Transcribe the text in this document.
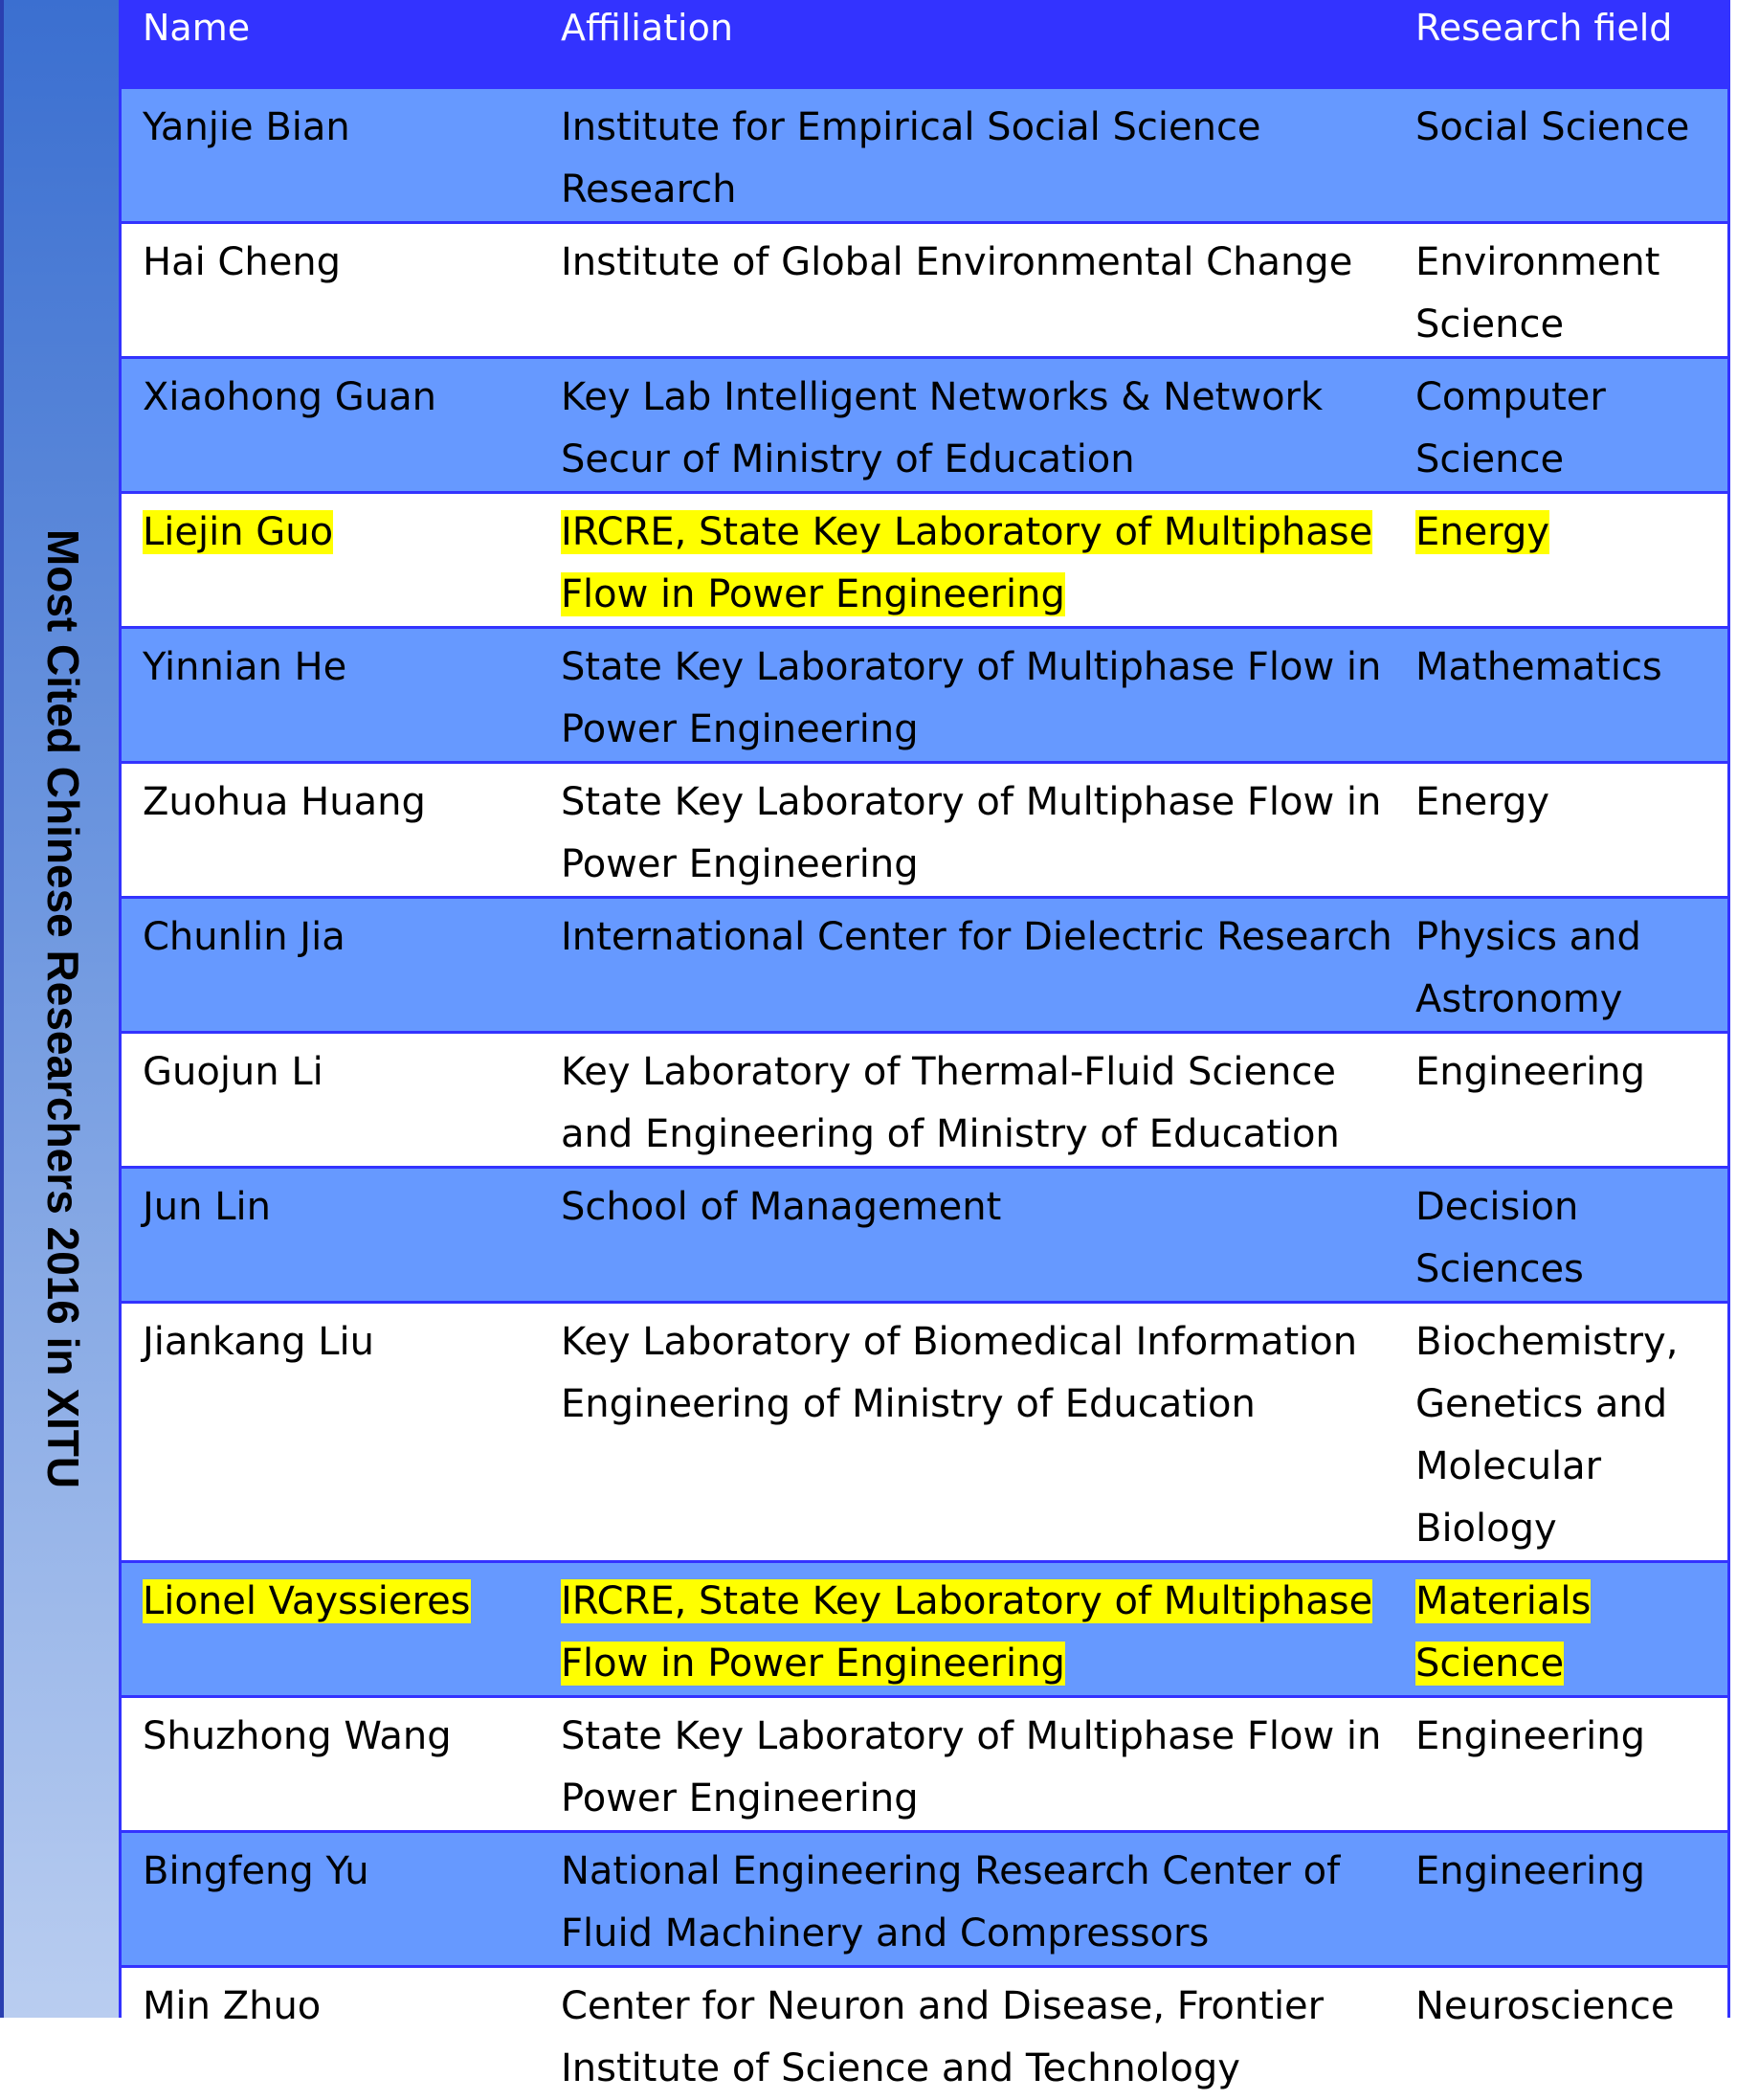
Most Cited Chinese Researchers 2016 in XITU
Name	Affiliation	Research field
Yanjie Bian	Institute for Empirical Social Science Research	Social Science
Hai Cheng	Institute of Global Environmental Change	Environment Science
Xiaohong Guan	Key Lab Intelligent Networks & Network Secur of Ministry of Education	Computer Science
Liejin Guo	IRCRE, State Key Laboratory of Multiphase Flow in Power Engineering	Energy
Yinnian He	State Key Laboratory of Multiphase Flow in Power Engineering	Mathematics
Zuohua Huang	State Key Laboratory of Multiphase Flow in Power Engineering	Energy
Chunlin Jia	International Center for Dielectric Research	Physics and Astronomy
Guojun Li	Key Laboratory of Thermal-Fluid Science and Engineering of Ministry of Education	Engineering
Jun Lin	School of Management	Decision Sciences
Jiankang Liu	Key Laboratory of Biomedical Information Engineering of Ministry of Education	Biochemistry, Genetics and Molecular Biology
Lionel Vayssieres	IRCRE, State Key Laboratory of Multiphase Flow in Power Engineering	Materials Science
Shuzhong Wang	State Key Laboratory of Multiphase Flow in Power Engineering	Engineering
Bingfeng Yu	National Engineering Research Center of Fluid Machinery and Compressors	Engineering
Min Zhuo	Center for Neuron and Disease, Frontier Institute of Science and Technology	Neuroscience
